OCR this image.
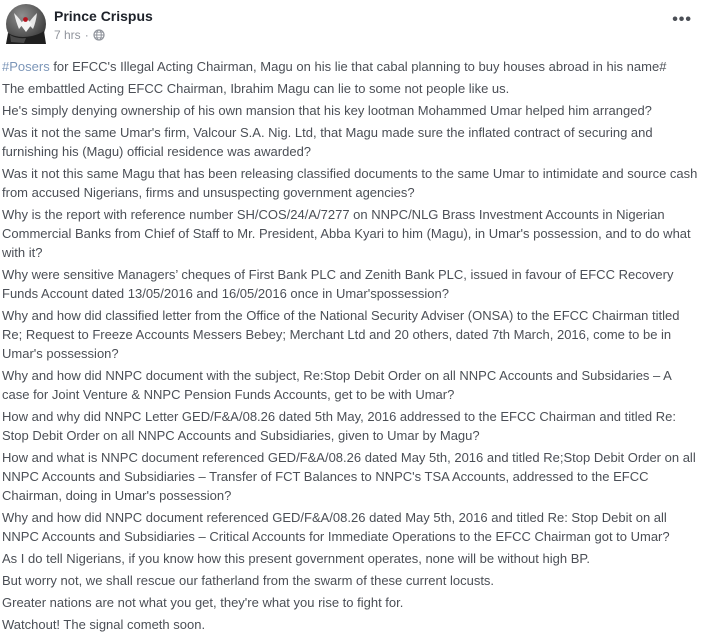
Prince Crispus
7 hrs ·
•••

#Posers for EFCC's Illegal Acting Chairman, Magu on his lie that cabal planning to buy houses abroad in his name#

The embattled Acting EFCC Chairman, Ibrahim Magu can lie to some not people like us.

He's simply denying ownership of his own mansion that his key lootman Mohammed Umar helped him arranged?

Was it not the same Umar's firm, Valcour S.A. Nig. Ltd, that Magu made sure the inflated contract of securing and furnishing his (Magu) official residence was awarded?

Was it not this same Magu that has been releasing classified documents to the same Umar to intimidate and source cash from accused Nigerians, firms and unsuspecting government agencies?

Why is the report with reference number SH/COS/24/A/7277 on NNPC/NLG Brass Investment Accounts in Nigerian Commercial Banks from Chief of Staff to Mr. President, Abba Kyari to him (Magu), in Umar's possession, and to do what with it?

Why were sensitive Managers’ cheques of First Bank PLC and Zenith Bank PLC, issued in favour of EFCC Recovery Funds Account dated 13/05/2016 and 16/05/2016 once in Umar'spossession?

Why and how did classified letter from the Office of the National Security Adviser (ONSA) to the EFCC Chairman titled Re; Request to Freeze Accounts Messers Bebey; Merchant Ltd and 20 others, dated 7th March, 2016, come to be in Umar's possession?

Why and how did NNPC document with the subject, Re:Stop Debit Order on all NNPC Accounts and Subsidaries – A case for Joint Venture & NNPC Pension Funds Accounts, get to be with Umar?

How and why did NNPC Letter GED/F&A/08.26 dated 5th May, 2016 addressed to the EFCC Chairman and titled Re: Stop Debit Order on all NNPC Accounts and Subsidiaries, given to Umar by Magu?

How and what is NNPC document referenced GED/F&A/08.26 dated May 5th, 2016 and titled Re;Stop Debit Order on all NNPC Accounts and Subsidiaries – Transfer of FCT Balances to NNPC's TSA Accounts, addressed to the EFCC Chairman, doing in Umar's possession?

Why and how did NNPC document referenced GED/F&A/08.26 dated May 5th, 2016 and titled Re: Stop Debit on all NNPC Accounts and Subsidiaries – Critical Accounts for Immediate Operations to the EFCC Chairman got to Umar?

As I do tell Nigerians, if you know how this present government operates, none will be without high BP.

But worry not, we shall rescue our fatherland from the swarm of these current locusts.

Greater nations are not what you get, they're what you rise to fight for.

Watchout! The signal cometh soon.
